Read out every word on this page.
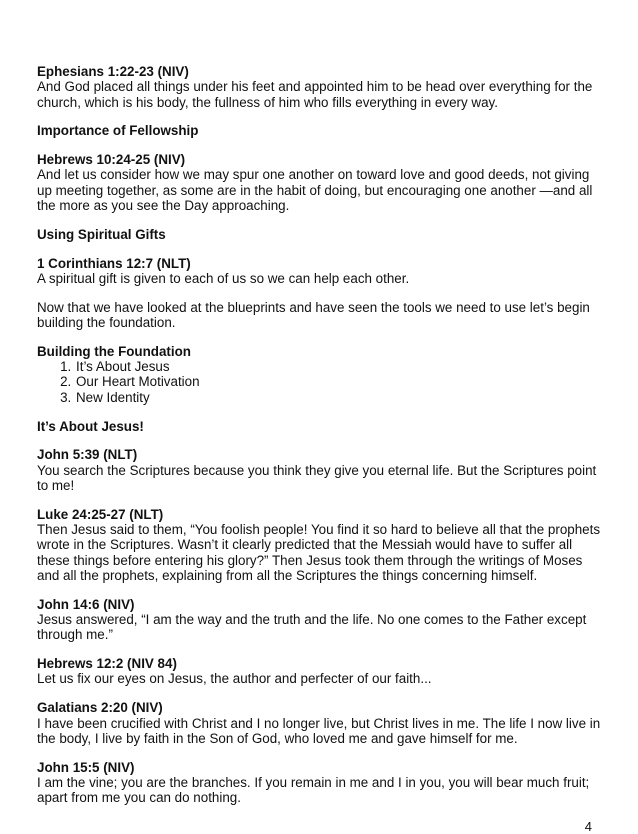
Ephesians 1:22-23 (NIV)
And God placed all things under his feet and appointed him to be head over everything for the church, which is his body, the fullness of him who fills everything in every way.
Importance of Fellowship
Hebrews 10:24-25 (NIV)
And let us consider how we may spur one another on toward love and good deeds, not giving up meeting together, as some are in the habit of doing, but encouraging one another —and all the more as you see the Day approaching.
Using Spiritual Gifts
1 Corinthians 12:7 (NLT)
A spiritual gift is given to each of us so we can help each other.
Now that we have looked at the blueprints and have seen the tools we need to use let’s begin building the foundation.
Building the Foundation
1. It’s About Jesus
2. Our Heart Motivation
3. New Identity
It’s About Jesus!
John 5:39 (NLT)
You search the Scriptures because you think they give you eternal life. But the Scriptures point to me!
Luke 24:25-27 (NLT)
Then Jesus said to them, “You foolish people! You find it so hard to believe all that the prophets wrote in the Scriptures. Wasn’t it clearly predicted that the Messiah would have to suffer all these things before entering his glory?” Then Jesus took them through the writings of Moses and all the prophets, explaining from all the Scriptures the things concerning himself.
John 14:6 (NIV)
Jesus answered, “I am the way and the truth and the life. No one comes to the Father except through me.”
Hebrews 12:2 (NIV 84)
Let us fix our eyes on Jesus, the author and perfecter of our faith...
Galatians 2:20 (NIV)
I have been crucified with Christ and I no longer live, but Christ lives in me. The life I now live in the body, I live by faith in the Son of God, who loved me and gave himself for me.
John 15:5 (NIV)
I am the vine; you are the branches. If you remain in me and I in you, you will bear much fruit; apart from me you can do nothing.
4
